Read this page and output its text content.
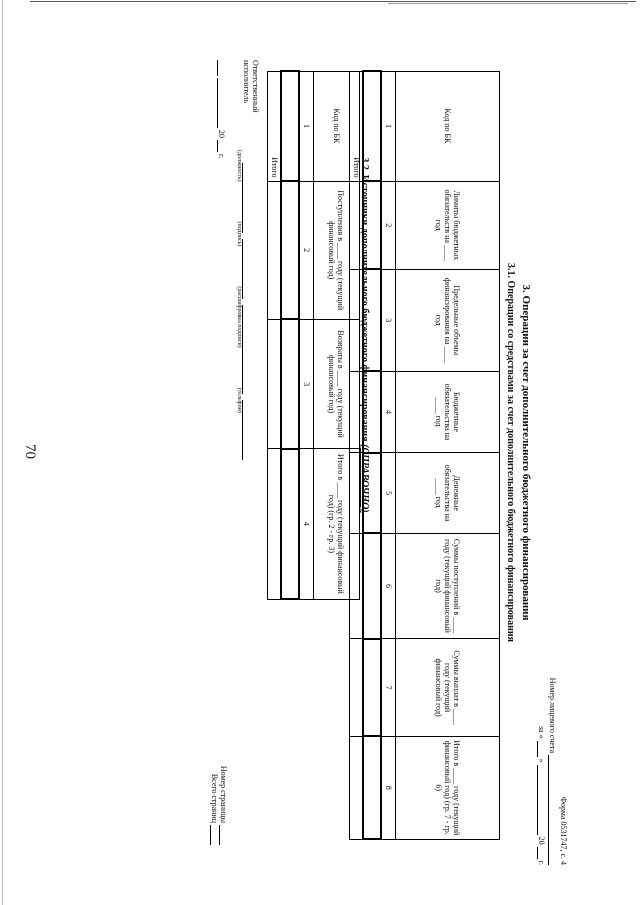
70
Форма 0531747, с. 4
Номер лицевого счета
за «  »  20  г.
3. Операции за счет дополнительного бюджетного финансирования
3.1. Операции со средствами за счет дополнительного бюджетного финансирования
Код по БК	Лимиты бюджетных обязательств на ____ год	Предельные объемы финансирования на ____ год	Бюджетные обязательства на ____ год	Денежные обязательства на ____ год	Суммы поступлений в ____ году (текущий финансовый год)	Суммы выплат в ____ году (текущий финансовый год)	Итого в ____ году (текущий финансовый год) (гр. 7 - гр. 6)
1	2	3	4	5	6	7	8

Итого							
3.2. Источники дополнительного бюджетного финансирования (СПРАВОЧНО)
Код по БК	Поступления в ____ году (текущий финансовый год)	Возвраты в ____ году (текущий финансовый год)	Итого в ____ году (текущий финансовый год) (гр. 2 - гр. 3)
1	2	3	4

Итого			
Ответственный исполнитель
(должность)
(подпись)
(расшифровка подписи)
(телефон)
20  г.
Номер страницы
Всего страниц
